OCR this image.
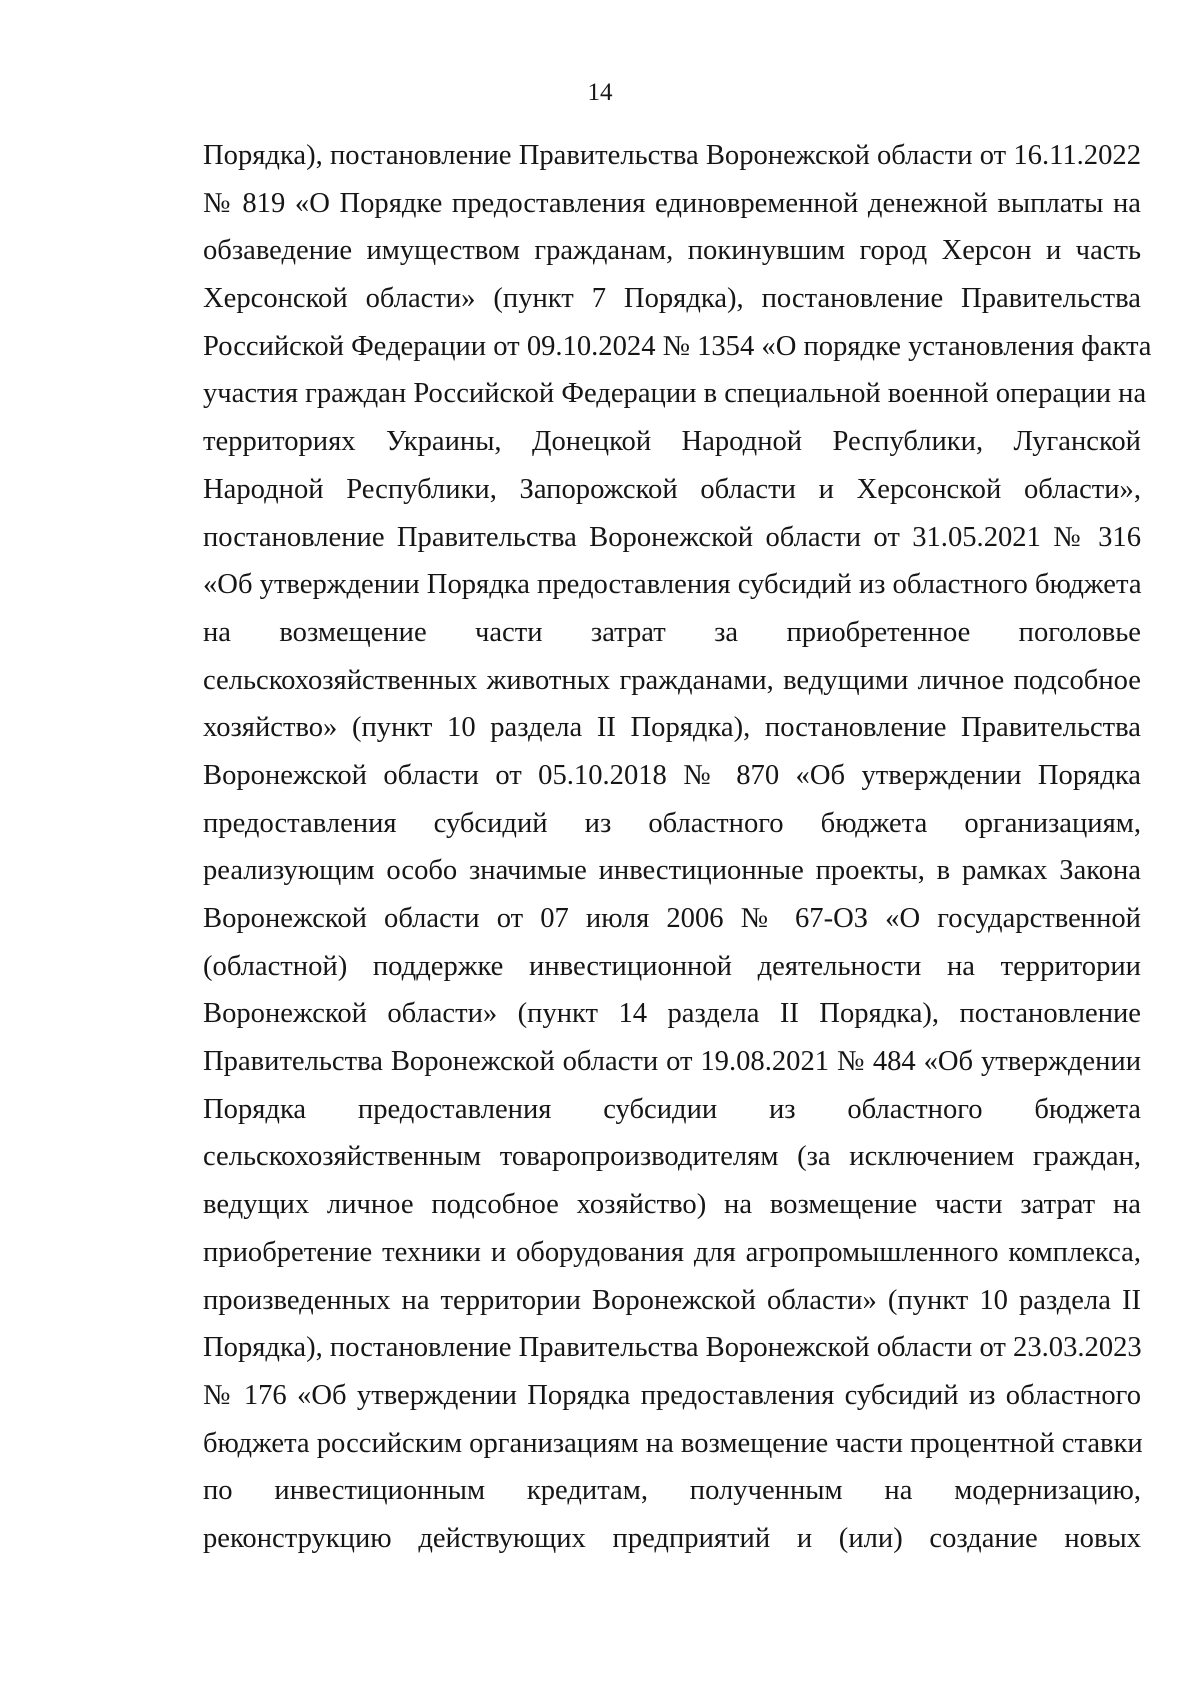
14
Порядка), постановление Правительства Воронежской области от 16.11.2022
№ 819 «О Порядке предоставления единовременной денежной выплаты на
обзаведение имуществом гражданам, покинувшим город Херсон и часть
Херсонской области» (пункт 7 Порядка), постановление Правительства
Российской Федерации от 09.10.2024 № 1354 «О порядке установления факта
участия граждан Российской Федерации в специальной военной операции на
территориях Украины, Донецкой Народной Республики, Луганской
Народной Республики, Запорожской области и Херсонской области»,
постановление Правительства Воронежской области от 31.05.2021 № 316
«Об утверждении Порядка предоставления субсидий из областного бюджета
на возмещение части затрат за приобретенное поголовье
сельскохозяйственных животных гражданами, ведущими личное подсобное
хозяйство» (пункт 10 раздела II Порядка), постановление Правительства
Воронежской области от 05.10.2018 № 870 «Об утверждении Порядка
предоставления субсидий из областного бюджета организациям,
реализующим особо значимые инвестиционные проекты, в рамках Закона
Воронежской области от 07 июля 2006 № 67-ОЗ «О государственной
(областной) поддержке инвестиционной деятельности на территории
Воронежской области» (пункт 14 раздела II Порядка), постановление
Правительства Воронежской области от 19.08.2021 № 484 «Об утверждении
Порядка предоставления субсидии из областного бюджета
сельскохозяйственным товаропроизводителям (за исключением граждан,
ведущих личное подсобное хозяйство) на возмещение части затрат на
приобретение техники и оборудования для агропромышленного комплекса,
произведенных на территории Воронежской области» (пункт 10 раздела II
Порядка), постановление Правительства Воронежской области от 23.03.2023
№ 176 «Об утверждении Порядка предоставления субсидий из областного
бюджета российским организациям на возмещение части процентной ставки
по инвестиционным кредитам, полученным на модернизацию,
реконструкцию действующих предприятий и (или) создание новых
